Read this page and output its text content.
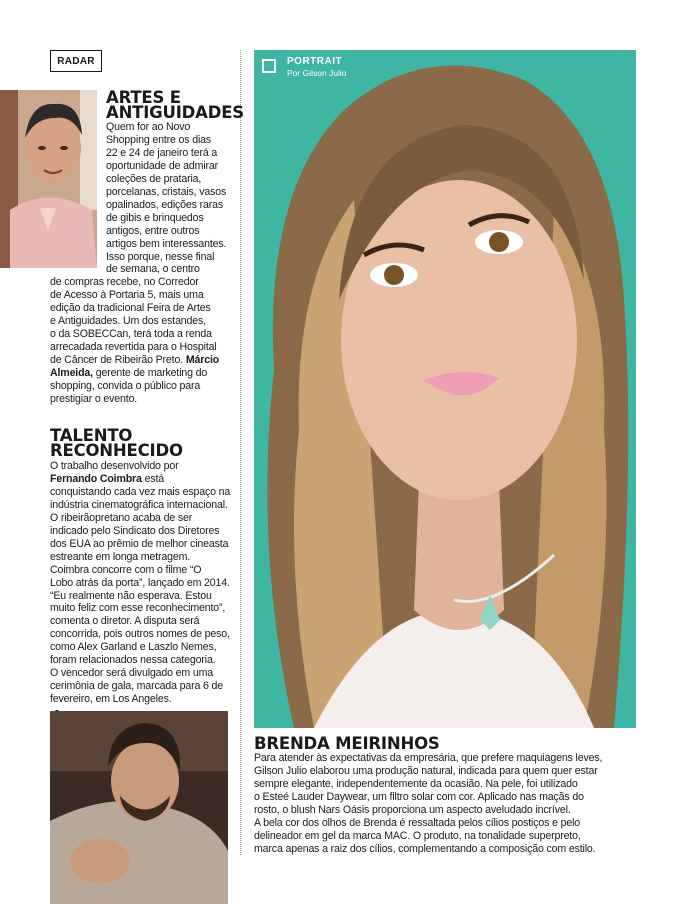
RADAR
ARTES E
ANTIGUIDADES
Quem for ao Novo
Shopping entre os dias
22 e 24 de janeiro terá a
oportunidade de admirar
coleções de prataria,
porcelanas, cristais, vasos
opalinados, edições raras
de gibis e brinquedos
antigos, entre outros
artigos bem interessantes.
Isso porque, nesse final
de semana, o centro
de compras recebe, no Corredor
de Acesso à Portaria 5, mais uma
edição da tradicional Feira de Artes
e Antiguidades. Um dos estandes,
o da SOBECCan, terá toda a renda
arrecadada revertida para o Hospital
de Câncer de Ribeirão Preto. Márcio
Almeida, gerente de marketing do
shopping, convida o público para
prestigiar o evento.
TALENTO
RECONHECIDO
O trabalho desenvolvido por
Fernando Coimbra está
conquistando cada vez mais espaço na
indústria cinematográfica internacional.
O ribeirãopretano acaba de ser
indicado pelo Sindicato dos Diretores
dos EUA ao prêmio de melhor cineasta
estreante em longa metragem.
Coimbra concorre com o filme “O
Lobo atrás da porta”, lançado em 2014.
“Eu realmente não esperava. Estou
muito feliz com esse reconhecimento”,
comenta o diretor. A disputa será
concorrida, pois outros nomes de peso,
como Alex Garland e Laszlo Nemes,
foram relacionados nessa categoria.
O vencedor será divulgado em uma
cerimônia de gala, marcada para 6 de
fevereiro, em Los Angeles.
PORTRAIT
Por Gilson Julio
BRENDA MEIRINHOS
Para atender às expectativas da empresária, que prefere maquiagens leves,
Gilson Julio elaborou uma produção natural, indicada para quem quer estar
sempre elegante, independentemente da ocasião. Na pele, foi utilizado
o Esteé Lauder Daywear, um filtro solar com cor. Aplicado nas maçãs do
rosto, o blush Nars Oásis proporciona um aspecto aveludado incrível.
A bela cor dos olhos de Brenda é ressaltada pelos cílios postiços e pelo
delineador em gel da marca MAC. O produto, na tonalidade superpreto,
marca apenas a raiz dos cílios, complementando a composição com estilo.
